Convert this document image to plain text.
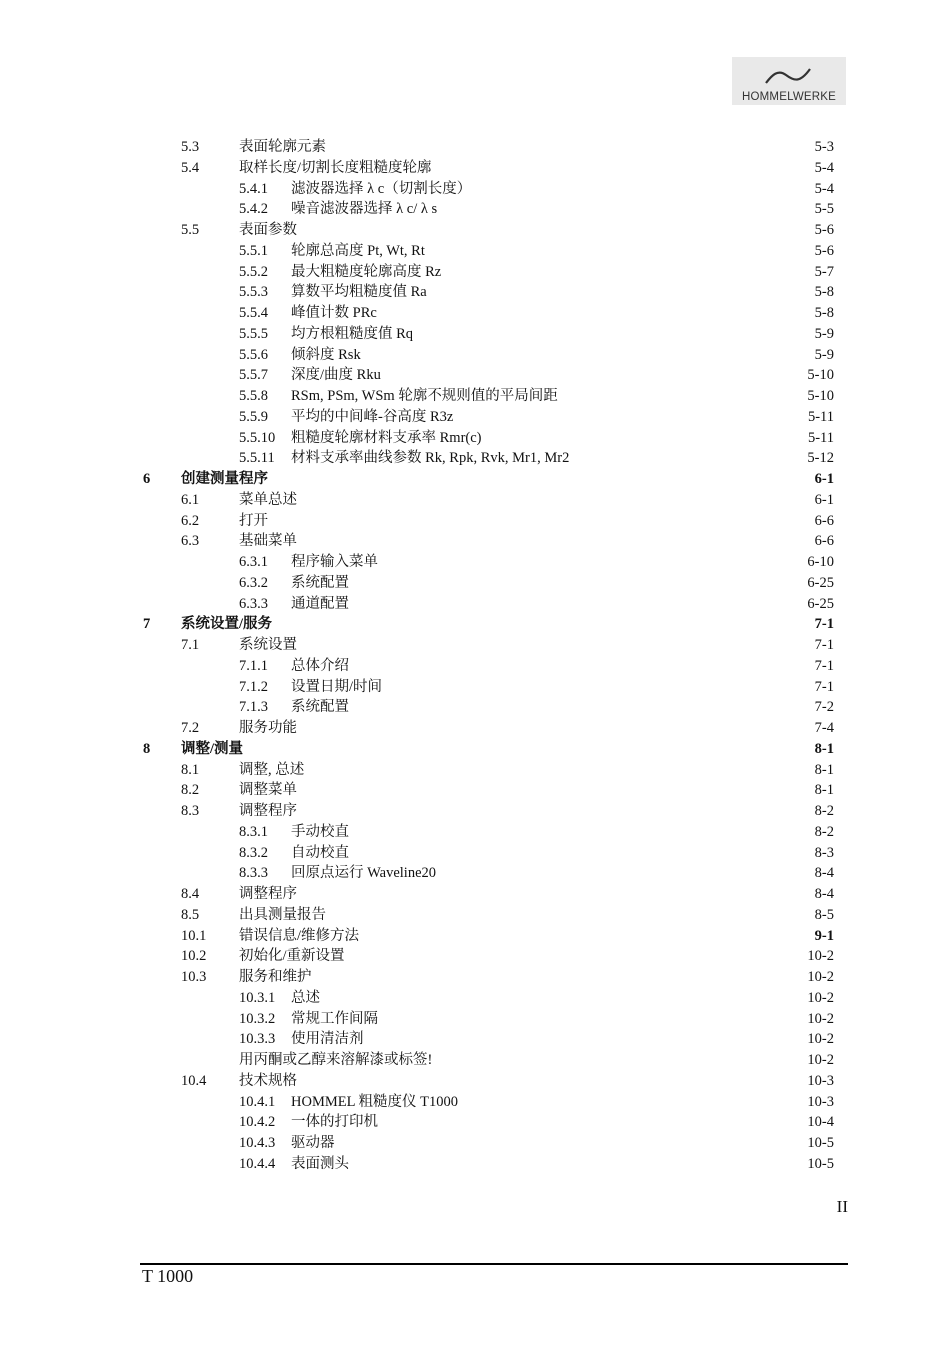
HOMMELWERKE
5.3	表面轮廓元素	5-3
5.4	取样长度/切割长度粗糙度轮廓	5-4
5.4.1 滤波器选择 λ c（切割长度）	5-4
5.4.2 噪音滤波器选择 λ c/ λ s	5-5
5.5	表面参数	5-6
5.5.1 轮廓总高度 Pt, Wt, Rt	5-6
5.5.2 最大粗糙度轮廓高度 Rz	5-7
5.5.3 算数平均粗糙度值 Ra	5-8
5.5.4 峰值计数 PRc	5-8
5.5.5 均方根粗糙度值 Rq	5-9
5.5.6 倾斜度 Rsk	5-9
5.5.7 深度/曲度 Rku	5-10
5.5.8 RSm, PSm, WSm 轮廓不规则值的平局间距	5-10
5.5.9 平均的中间峰-谷高度 R3z	5-11
5.5.10 粗糙度轮廓材料支承率 Rmr(c)	5-11
5.5.11 材料支承率曲线参数 Rk, Rpk, Rvk, Mr1, Mr2	5-12
6 创建测量程序	6-1
6.1	菜单总述	6-1
6.2	打开	6-6
6.3	基础菜单	6-6
6.3.1 程序输入菜单	6-10
6.3.2 系统配置	6-25
6.3.3 通道配置	6-25
7 系统设置/服务	7-1
7.1	系统设置	7-1
7.1.1 总体介绍	7-1
7.1.2 设置日期/时间	7-1
7.1.3 系统配置	7-2
7.2	服务功能	7-4
8 调整/测量	8-1
8.1	调整, 总述	8-1
8.2	调整菜单	8-1
8.3	调整程序	8-2
8.3.1 手动校直	8-2
8.3.2 自动校直	8-3
8.3.3 回原点运行 Waveline20	8-4
8.4	调整程序	8-4
8.5	出具测量报告	8-5
10.1 错误信息/维修方法	9-1
10.2 初始化/重新设置	10-2
10.3 服务和维护	10-2
10.3.1 总述	10-2
10.3.2 常规工作间隔	10-2
10.3.3 使用清洁剂	10-2
用丙酮或乙醇来溶解漆或标签!	10-2
10.4 技术规格	10-3
10.4.1 HOMMEL 粗糙度仪 T1000	10-3
10.4.2 一体的打印机	10-4
10.4.3 驱动器	10-5
10.4.4 表面测头	10-5
II
T 1000
